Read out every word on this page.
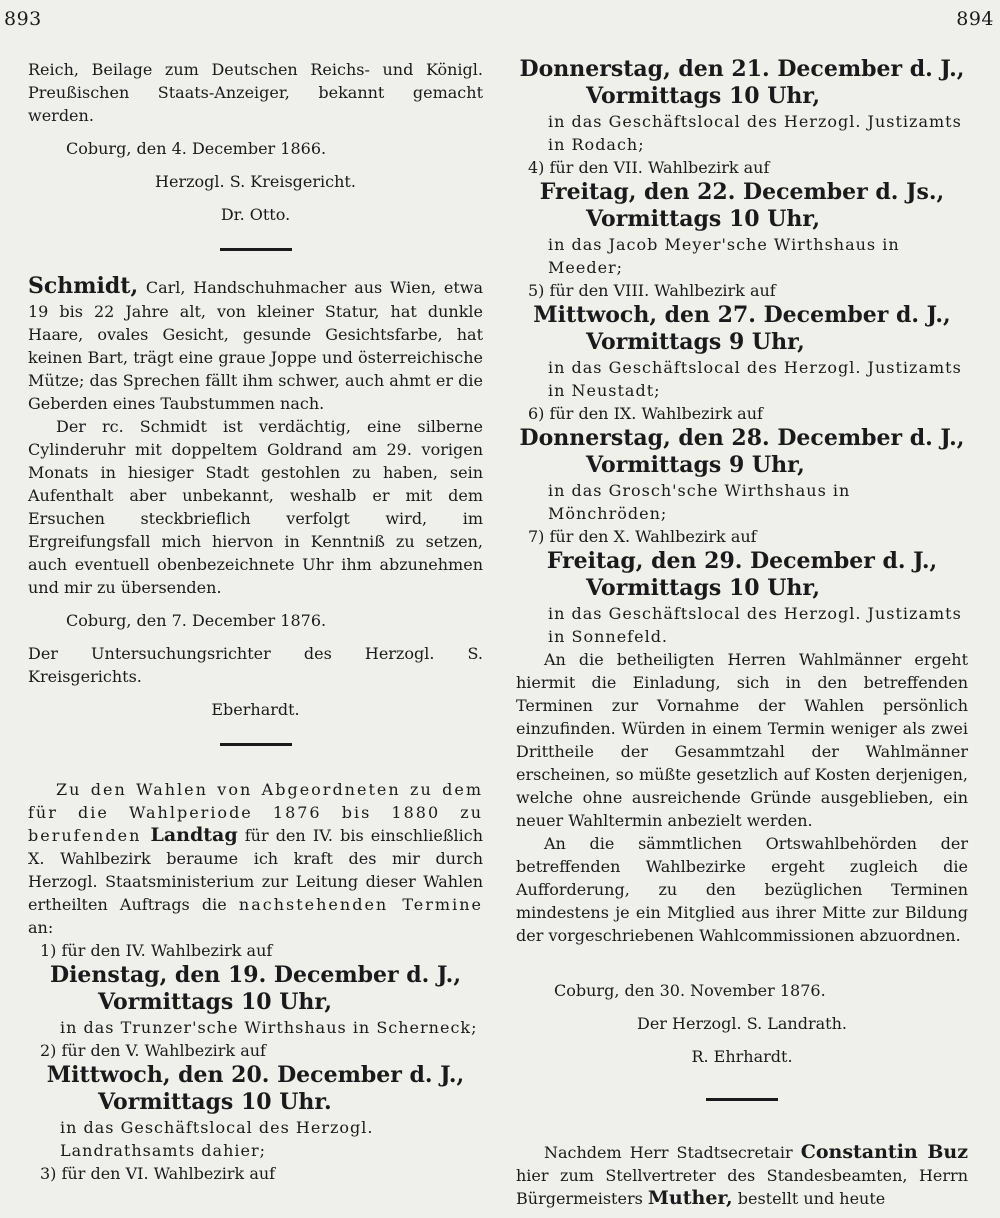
893	894

Reich, Beilage zum Deutschen Reichs- und Königl. Preußischen Staats-Anzeiger, bekannt gemacht werden.

Coburg, den 4. December 1866.

Herzogl. S. Kreisgericht.

Dr. Otto.

Schmidt, Carl, Handschuhmacher aus Wien, etwa 19 bis 22 Jahre alt, von kleiner Statur, hat dunkle Haare, ovales Gesicht, gesunde Gesichtsfarbe, hat keinen Bart, trägt eine graue Joppe und österreichische Mütze; das Sprechen fällt ihm schwer, auch ahmt er die Geberden eines Taubstummen nach.

Der rc. Schmidt ist verdächtig, eine silberne Cylinderuhr mit doppeltem Goldrand am 29. vorigen Monats in hiesiger Stadt gestohlen zu haben, sein Aufenthalt aber unbekannt, weshalb er mit dem Ersuchen steckbrieflich verfolgt wird, im Ergreifungsfall mich hiervon in Kenntniß zu setzen, auch eventuell obenbezeichnete Uhr ihm abzunehmen und mir zu übersenden.

Coburg, den 7. December 1876.

Der Untersuchungsrichter des Herzogl. S. Kreisgerichts.

Eberhardt.

Zu den Wahlen von Abgeordneten zu dem für die Wahlperiode 1876 bis 1880 zu berufenden Landtag für den IV. bis einschließlich X. Wahlbezirk beraume ich kraft des mir durch Herzogl. Staatsministerium zur Leitung dieser Wahlen ertheilten Auftrags die nachstehenden Termine an:

1) für den IV. Wahlbezirk auf

Dienstag, den 19. December d. J.,

Vormittags 10 Uhr,

in das Trunzer'sche Wirthshaus in Scherneck;

2) für den V. Wahlbezirk auf

Mittwoch, den 20. December d. J.,

Vormittags 10 Uhr.

in das Geschäftslocal des Herzogl. Landrathsamts dahier;

3) für den VI. Wahlbezirk auf

Donnerstag, den 21. December d. J.,

Vormittags 10 Uhr,

in das Geschäftslocal des Herzogl. Justizamts in Rodach;

4) für den VII. Wahlbezirk auf

Freitag, den 22. December d. Js.,

Vormittags 10 Uhr,

in das Jacob Meyer'sche Wirthshaus in Meeder;

5) für den VIII. Wahlbezirk auf

Mittwoch, den 27. December d. J.,

Vormittags 9 Uhr,

in das Geschäftslocal des Herzogl. Justizamts in Neustadt;

6) für den IX. Wahlbezirk auf

Donnerstag, den 28. December d. J.,

Vormittags 9 Uhr,

in das Grosch'sche Wirthshaus in Mönchröden;

7) für den X. Wahlbezirk auf

Freitag, den 29. December d. J.,

Vormittags 10 Uhr,

in das Geschäftslocal des Herzogl. Justizamts in Sonnefeld.

An die betheiligten Herren Wahlmänner ergeht hiermit die Einladung, sich in den betreffenden Terminen zur Vornahme der Wahlen persönlich einzufinden. Würden in einem Termin weniger als zwei Drittheile der Gesammtzahl der Wahlmänner erscheinen, so müßte gesetzlich auf Kosten derjenigen, welche ohne ausreichende Gründe ausgeblieben, ein neuer Wahltermin anbezielt werden.

An die sämmtlichen Ortswahlbehörden der betreffenden Wahlbezirke ergeht zugleich die Aufforderung, zu den bezüglichen Terminen mindestens je ein Mitglied aus ihrer Mitte zur Bildung der vorgeschriebenen Wahlcommissionen abzuordnen.

Coburg, den 30. November 1876.

Der Herzogl. S. Landrath.

R. Ehrhardt.

Nachdem Herr Stadtsecretair Constantin Buz hier zum Stellvertreter des Standesbeamten, Herrn Bürgermeisters Muther, bestellt und heute
